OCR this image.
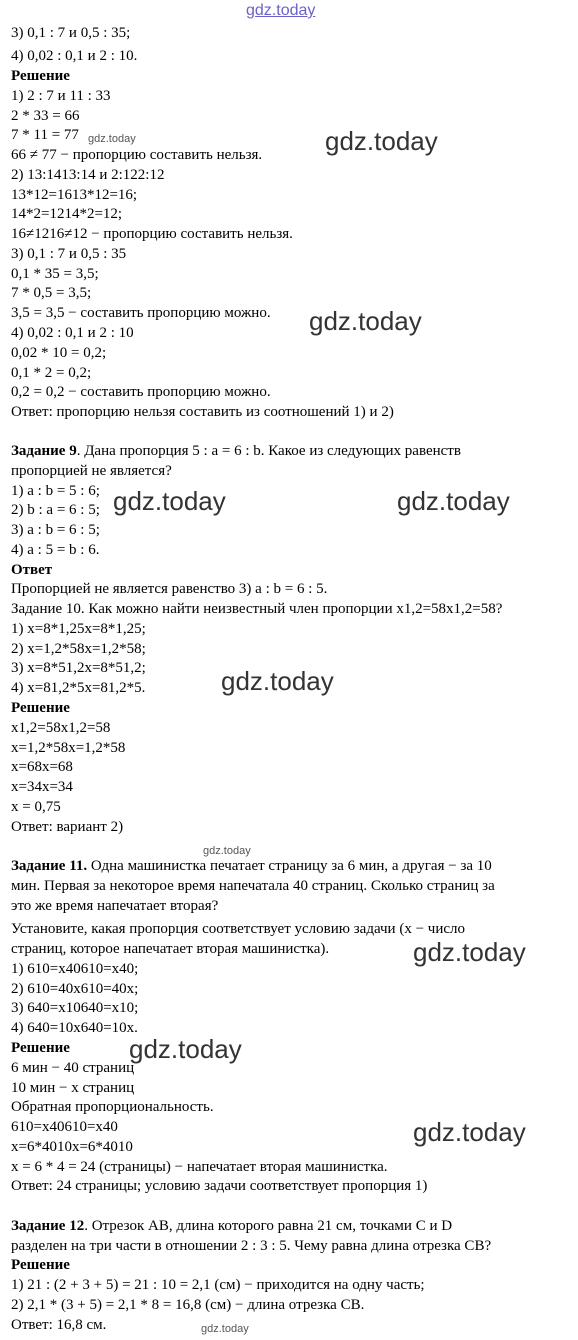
gdz.today
gdz.today	gdz.today
gdz.today
gdz.today	gdz.today
gdz.today
gdz.today
gdz.today
gdz.today
gdz.today
gdz.today
3) 0,1 : 7 и 0,5 : 35;
4) 0,02 : 0,1 и 2 : 10.
Решение
1) 2 : 7 и 11 : 33
2 * 33 = 66
7 * 11 = 77
66 ≠ 77 − пропорцию составить нельзя.
2) 13:1413:14 и 2:122:12
13*12=1613*12=16;
14*2=1214*2=12;
16≠1216≠12 − пропорцию составить нельзя.
3) 0,1 : 7 и 0,5 : 35
0,1 * 35 = 3,5;
7 * 0,5 = 3,5;
3,5 = 3,5 − составить пропорцию можно.
4) 0,02 : 0,1 и 2 : 10
0,02 * 10 = 0,2;
0,1 * 2 = 0,2;
0,2 = 0,2 − составить пропорцию можно.
Ответ: пропорцию нельзя составить из соотношений 1) и 2)
Задание 9. Дана пропорция 5 : a = 6 : b. Какое из следующих равенств
пропорцией не является?
1) a : b = 5 : 6;
2) b : a = 6 : 5;
3) a : b = 6 : 5;
4) a : 5 = b : 6.
Ответ
Пропорцией не является равенство 3) a : b = 6 : 5.
Задание 10. Как можно найти неизвестный член пропорции x1,2=58x1,2=58?
1) x=8*1,25x=8*1,25;
2) x=1,2*58x=1,2*58;
3) x=8*51,2x=8*51,2;
4) x=81,2*5x=81,2*5.
Решение
x1,2=58x1,2=58
x=1,2*58x=1,2*58
x=68x=68
x=34x=34
x = 0,75
Ответ: вариант 2)
Задание 11. Одна машинистка печатает страницу за 6 мин, а другая − за 10
мин. Первая за некоторое время напечатала 40 страниц. Сколько страниц за
это же время напечатает вторая?
Установите, какая пропорция соответствует условию задачи (x − число
страниц, которое напечатает вторая машинистка).
1) 610=x40610=x40;
2) 610=40x610=40x;
3) 640=x10640=x10;
4) 640=10x640=10x.
Решение
6 мин − 40 страниц
10 мин − x страниц
Обратная пропорциональность.
610=x40610=x40
x=6*4010x=6*4010
x = 6 * 4 = 24 (страницы) − напечатает вторая машинистка.
Ответ: 24 страницы; условию задачи соответствует пропорция 1)
Задание 12. Отрезок AB, длина которого равна 21 см, точками C и D
разделен на три части в отношении 2 : 3 : 5. Чему равна длина отрезка CB?
Решение
1) 21 : (2 + 3 + 5) = 21 : 10 = 2,1 (см) − приходится на одну часть;
2) 2,1 * (3 + 5) = 2,1 * 8 = 16,8 (см) − длина отрезка CB.
Ответ: 16,8 см.
